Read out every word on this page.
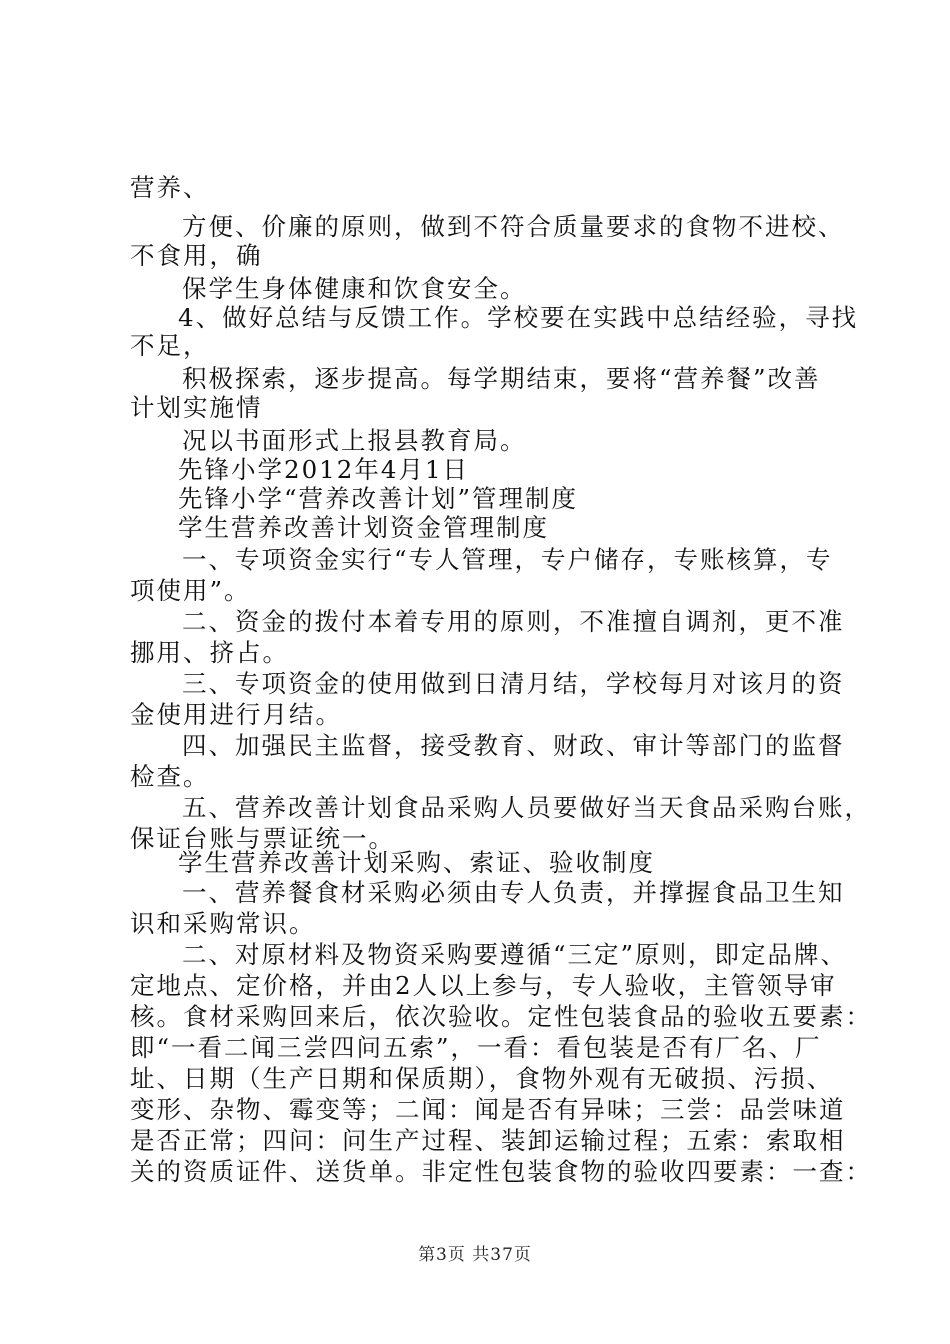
营养、
方便、价廉的原则，做到不符合质量要求的食物不进校、
不食用，确
保学生身体健康和饮食安全。
4、做好总结与反馈工作。学校要在实践中总结经验，寻找
不足，
积极探索，逐步提高。每学期结束，要将“营养餐”改善
计划实施情
况以书面形式上报县教育局。
先锋小学2012年4月1日
先锋小学“营养改善计划”管理制度
学生营养改善计划资金管理制度
一、专项资金实行“专人管理，专户储存，专账核算，专
项使用”。
二、资金的拨付本着专用的原则，不准擅自调剂，更不准
挪用、挤占。
三、专项资金的使用做到日清月结，学校每月对该月的资
金使用进行月结。
四、加强民主监督，接受教育、财政、审计等部门的监督
检查。
五、营养改善计划食品采购人员要做好当天食品采购台账，
保证台账与票证统一。
学生营养改善计划采购、索证、验收制度
一、营养餐食材采购必须由专人负责，并撑握食品卫生知
识和采购常识。
二、对原材料及物资采购要遵循“三定”原则，即定品牌、
定地点、定价格，并由2人以上参与，专人验收，主管领导审
核。食材采购回来后，依次验收。定性包装食品的验收五要素：
即“一看二闻三尝四问五索”，一看：看包装是否有厂名、厂
址、日期（生产日期和保质期），食物外观有无破损、污损、
变形、杂物、霉变等；二闻：闻是否有异味；三尝：品尝味道
是否正常；四问：问生产过程、装卸运输过程；五索：索取相
关的资质证件、送货单。非定性包装食物的验收四要素：一查：
第3页 共37页
